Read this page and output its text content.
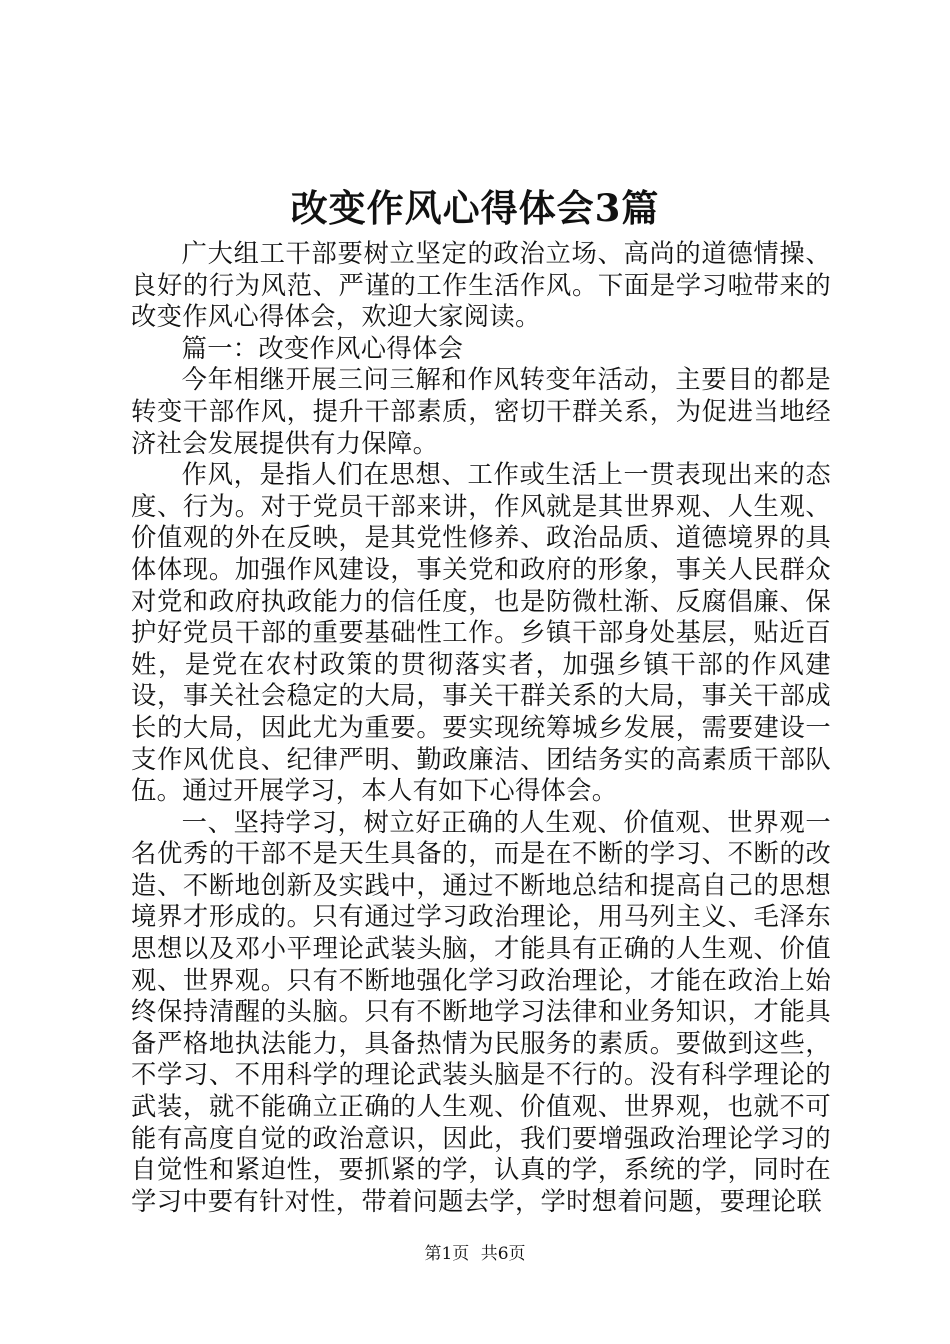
改变作风心得体会3篇

广大组工干部要树立坚定的政治立场、高尚的道德情操、良好的行为风范、严谨的工作生活作风。下面是学习啦带来的改变作风心得体会，欢迎大家阅读。

篇一：改变作风心得体会

今年相继开展三问三解和作风转变年活动，主要目的都是转变干部作风，提升干部素质，密切干群关系，为促进当地经济社会发展提供有力保障。

作风，是指人们在思想、工作或生活上一贯表现出来的态度、行为。对于党员干部来讲，作风就是其世界观、人生观、价值观的外在反映，是其党性修养、政治品质、道德境界的具体体现。加强作风建设，事关党和政府的形象，事关人民群众对党和政府执政能力的信任度，也是防微杜渐、反腐倡廉、保护好党员干部的重要基础性工作。乡镇干部身处基层，贴近百姓，是党在农村政策的贯彻落实者，加强乡镇干部的作风建设，事关社会稳定的大局，事关干群关系的大局，事关干部成长的大局，因此尤为重要。要实现统筹城乡发展，需要建设一支作风优良、纪律严明、勤政廉洁、团结务实的高素质干部队伍。通过开展学习，本人有如下心得体会。

一、坚持学习，树立好正确的人生观、价值观、世界观一名优秀的干部不是天生具备的，而是在不断的学习、不断的改造、不断地创新及实践中，通过不断地总结和提高自己的思想境界才形成的。只有通过学习政治理论，用马列主义、毛泽东思想以及邓小平理论武装头脑，才能具有正确的人生观、价值观、世界观。只有不断地强化学习政治理论，才能在政治上始终保持清醒的头脑。只有不断地学习法律和业务知识，才能具备严格地执法能力，具备热情为民服务的素质。要做到这些，不学习、不用科学的理论武装头脑是不行的。没有科学理论的武装，就不能确立正确的人生观、价值观、世界观，也就不可能有高度自觉的政治意识，因此，我们要增强政治理论学习的自觉性和紧迫性，要抓紧的学，认真的学，系统的学，同时在学习中要有针对性，带着问题去学，学时想着问题，要理论联

第1页 共6页
